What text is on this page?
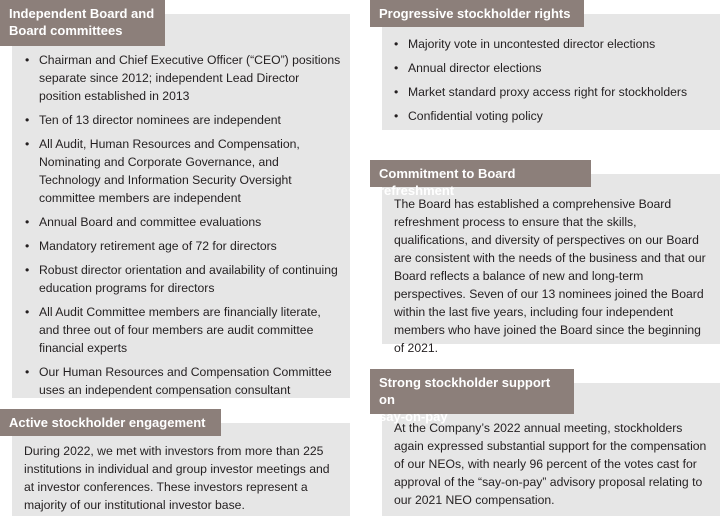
Independent Board and
Board committees
• Chairman and Chief Executive Officer (“CEO”) positions separate since 2012; independent Lead Director position established in 2013
• Ten of 13 director nominees are independent
• All Audit, Human Resources and Compensation, Nominating and Corporate Governance, and Technology and Information Security Oversight committee members are independent
• Annual Board and committee evaluations
• Mandatory retirement age of 72 for directors
• Robust director orientation and availability of continuing education programs for directors
• All Audit Committee members are financially literate, and three out of four members are audit committee financial experts
• Our Human Resources and Compensation Committee uses an independent compensation consultant
Active stockholder engagement

During 2022, we met with investors from more than 225 institutions in individual and group investor meetings and at investor conferences. These investors represent a majority of our institutional investor base.

Progressive stockholder rights
• Majority vote in uncontested director elections
• Annual director elections
• Market standard proxy access right for stockholders
• Confidential voting policy
Commitment to Board refreshment

The Board has established a comprehensive Board refreshment process to ensure that the skills, qualifications, and diversity of perspectives on our Board are consistent with the needs of the business and that our Board reflects a balance of new and long-term perspectives. Seven of our 13 nominees joined the Board within the last five years, including four independent members who have joined the Board since the beginning of 2021.

Strong stockholder support on
say-on-pay

At the Company’s 2022 annual meeting, stockholders again expressed substantial support for the compensation of our NEOs, with nearly 96 percent of the votes cast for approval of the “say-on-pay” advisory proposal relating to our 2021 NEO compensation.
